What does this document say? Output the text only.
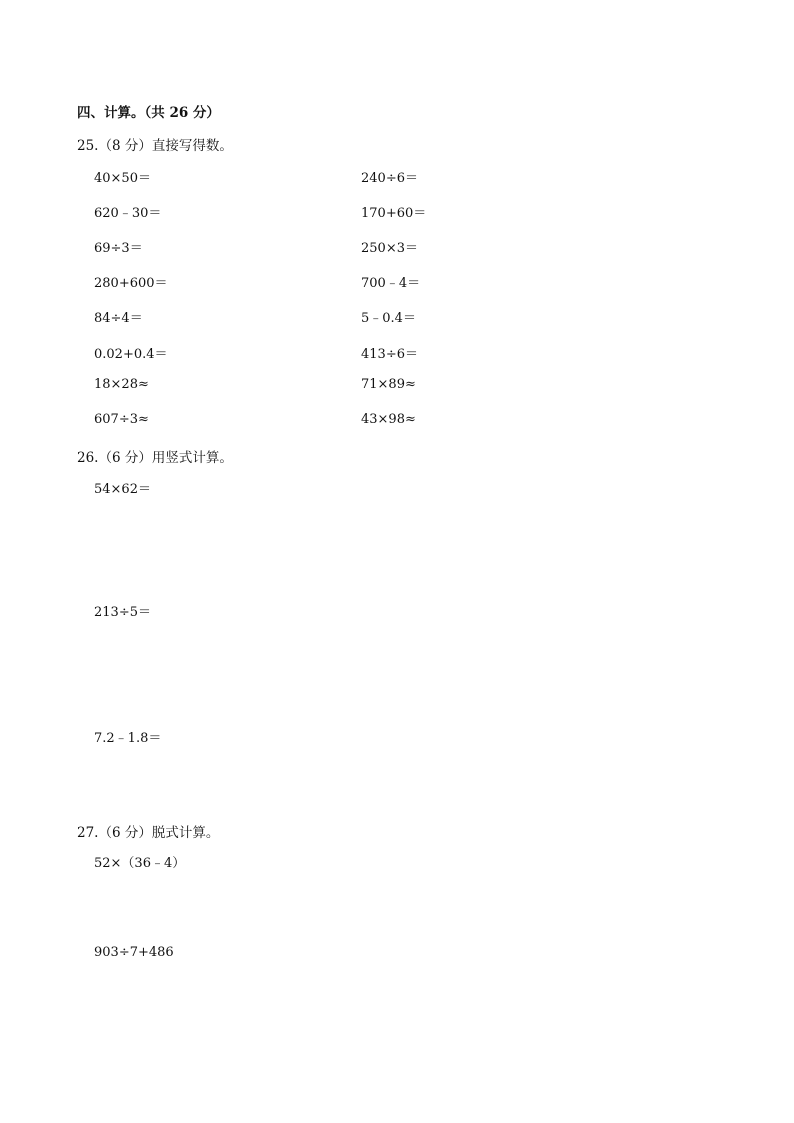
四、计算。（共 26 分）
25.（8 分）直接写得数。
40×50＝	240÷6＝
620﹣30＝	170+60＝
69÷3＝	250×3＝
280+600＝	700﹣4＝
84÷4＝	5﹣0.4＝
0.02+0.4＝	413÷6＝
18×28≈	71×89≈
607÷3≈	43×98≈
26.（6 分）用竖式计算。
54×62＝
213÷5＝
7.2﹣1.8＝
27.（6 分）脱式计算。
52×（36﹣4）
903÷7+486
